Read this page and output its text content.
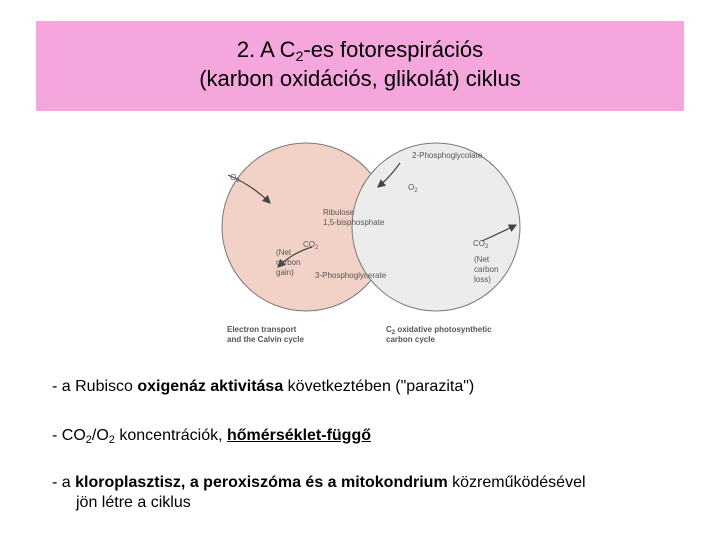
2. A $C_2-es$ fotorespirációs
(karbon oxidációs, glikolát) ciklus
$O_2$
2-Phosphoglycolate
$O_2$
Ribulose
1,5-bisphosphate
$CO_2$
(Net
carbon
gain)	3-Phosphoglycerate
$CO_2$
(Net
carbon
loss)
Electron transport
and the Calvin cycle
$C_2$ oxidative photosynthetic
carbon cycle
- a Rubisco oxigenáz aktivitása következtében ("parazita")
- $CO_2/O_2$ koncentrációk, hőmérséklet-függő
- a kloroplasztisz, a peroxiszóma és a mitokondrium közreműködésével
jön létre a ciklus
